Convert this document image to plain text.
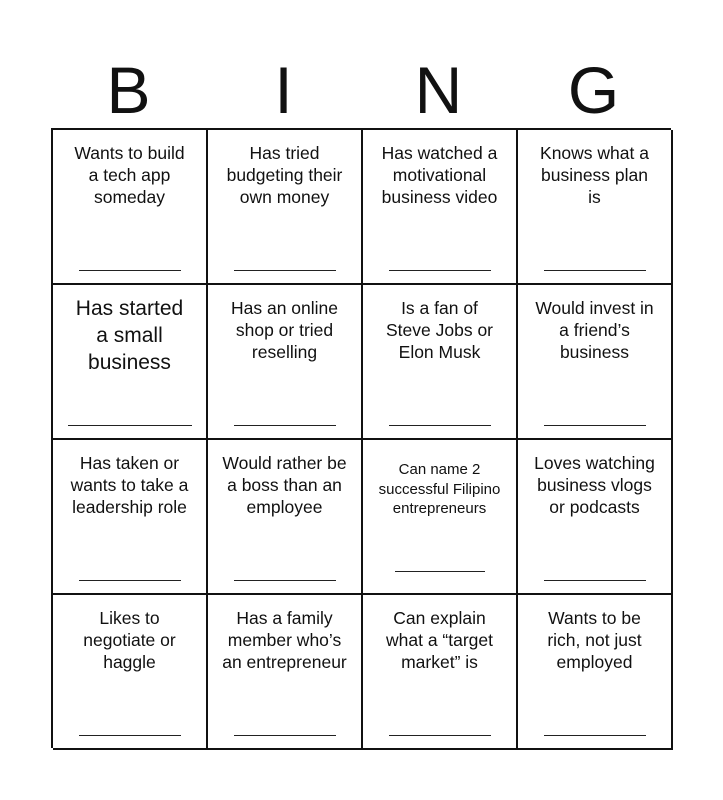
B	I	N	G
Wants to build
a tech app
someday
Has tried
budgeting their
own money
Has watched a
motivational
business video
Knows what a
business plan
is
Has started
a small
business
Has an online
shop or tried
reselling
Is a fan of
Steve Jobs or
Elon Musk
Would invest in
a friend’s
business
Has taken or
wants to take a
leadership role
Would rather be
a boss than an
employee
Can name 2
successful Filipino
entrepreneurs
Loves watching
business vlogs
or podcasts
Likes to
negotiate or
haggle
Has a family
member who’s
an entrepreneur
Can explain
what a “target
market” is
Wants to be
rich, not just
employed
